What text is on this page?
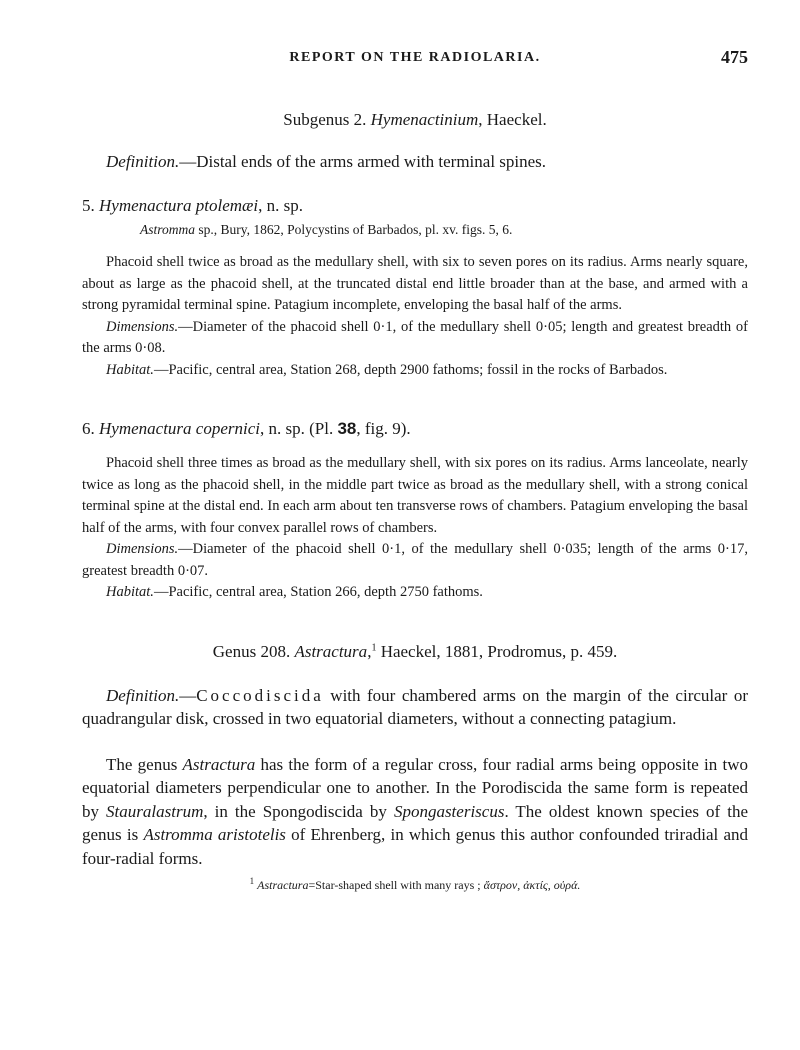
REPORT ON THE RADIOLARIA.	475

Subgenus 2. Hymenactinium, Haeckel.

Definition.—Distal ends of the arms armed with terminal spines.

5. Hymenactura ptolemæi, n. sp.

Astromma sp., Bury, 1862, Polycystins of Barbados, pl. xv. figs. 5, 6.

Phacoid shell twice as broad as the medullary shell, with six to seven pores on its radius. Arms nearly square, about as large as the phacoid shell, at the truncated distal end little broader than at the base, and armed with a strong pyramidal terminal spine. Patagium incomplete, enveloping the basal half of the arms.

Dimensions.—Diameter of the phacoid shell 0·1, of the medullary shell 0·05; length and greatest breadth of the arms 0·08.

Habitat.—Pacific, central area, Station 268, depth 2900 fathoms; fossil in the rocks of Barbados.

6. Hymenactura copernici, n. sp. (Pl. 38, fig. 9).

Phacoid shell three times as broad as the medullary shell, with six pores on its radius. Arms lanceolate, nearly twice as long as the phacoid shell, in the middle part twice as broad as the medullary shell, with a strong conical terminal spine at the distal end. In each arm about ten transverse rows of chambers. Patagium enveloping the basal half of the arms, with four convex parallel rows of chambers.

Dimensions.—Diameter of the phacoid shell 0·1, of the medullary shell 0·035; length of the arms 0·17, greatest breadth 0·07.

Habitat.—Pacific, central area, Station 266, depth 2750 fathoms.

Genus 208. Astractura,$^1$ Haeckel, 1881, Prodromus, p. 459.

Definition.—Coccodiscida with four chambered arms on the margin of the circular or quadrangular disk, crossed in two equatorial diameters, without a connecting patagium.

The genus Astractura has the form of a regular cross, four radial arms being opposite in two equatorial diameters perpendicular one to another. In the Porodiscida the same form is repeated by Stauralastrum, in the Spongodiscida by Spongasteriscus. The oldest known species of the genus is Astromma aristotelis of Ehrenberg, in which genus this author confounded triradial and four-radial forms.

$^1$ Astractura=Star-shaped shell with many rays ; ἄστρον, ἀκτίς, οὐρά.
